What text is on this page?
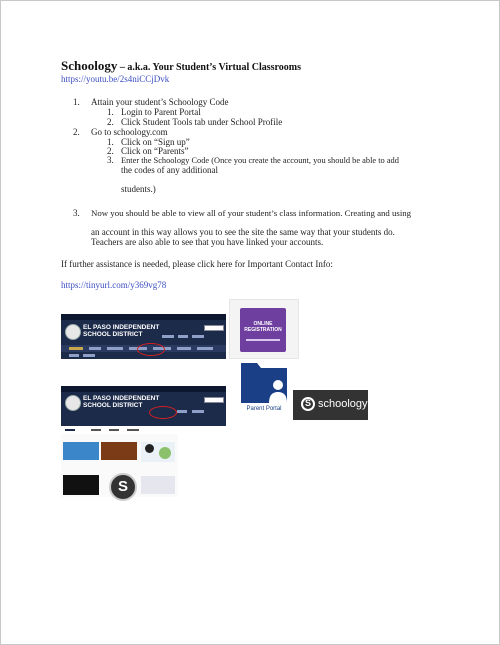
Schoology – a.k.a. Your Student’s Virtual Classrooms
https://youtu.be/2s4niCCjDvk
1. Attain your student’s Schoology Code
1. Login to Parent Portal
2. Click Student Tools tab under School Profile
2. Go to schoology.com
1. Click on “Sign up”
2. Click on “Parents”
3. Enter the Schoology Code (Once you create the account, you should be able to add
the codes of any additional
students.)
3. Now you should be able to view all of your student’s class information. Creating and using
an account in this way allows you to see the site the same way that your students do.
Teachers are also able to see that you have linked your accounts.
If further assistance is needed, please click here for Important Contact Info:
https://tinyurl.com/y369vg78
EL PASO INDEPENDENT
SCHOOL DISTRICT
ONLINE
REGISTRATION
EL PASO INDEPENDENT
SCHOOL DISTRICT
S
Parent Portal
S schoology
